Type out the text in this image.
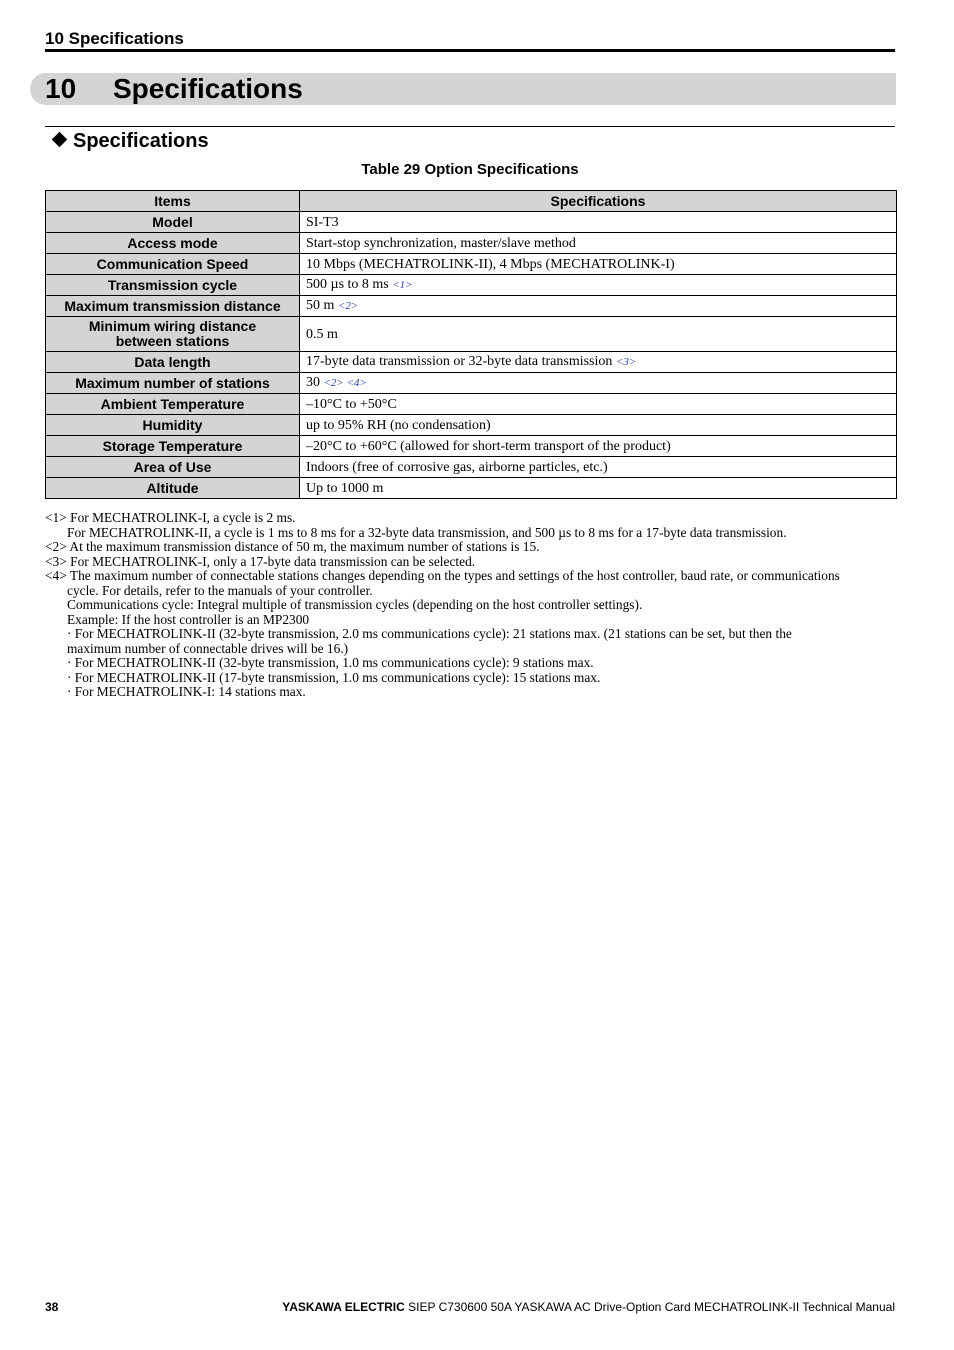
10 Specifications
10 Specifications
Specifications
Table 29 Option Specifications
Items	Specifications
Model	SI-T3
Access mode	Start-stop synchronization, master/slave method
Communication Speed	10 Mbps (MECHATROLINK-II), 4 Mbps (MECHATROLINK-I)
Transmission cycle	500 µs to 8 ms <1>
Maximum transmission distance	50 m <2>
Minimum wiring distance
between stations	0.5 m
Data length	17-byte data transmission or 32-byte data transmission <3>
Maximum number of stations	30 <2> <4>
Ambient Temperature	–10°C to +50°C
Humidity	up to 95% RH (no condensation)
Storage Temperature	–20°C to +60°C (allowed for short-term transport of the product)
Area of Use	Indoors (free of corrosive gas, airborne particles, etc.)
Altitude	Up to 1000 m
<1> For MECHATROLINK-I, a cycle is 2 ms.
For MECHATROLINK-II, a cycle is 1 ms to 8 ms for a 32-byte data transmission, and 500 µs to 8 ms for a 17-byte data transmission.
<2> At the maximum transmission distance of 50 m, the maximum number of stations is 15.
<3> For MECHATROLINK-I, only a 17-byte data transmission can be selected.
<4> The maximum number of connectable stations changes depending on the types and settings of the host controller, baud rate, or communications
cycle. For details, refer to the manuals of your controller.
Communications cycle: Integral multiple of transmission cycles (depending on the host controller settings).
Example: If the host controller is an MP2300
· For MECHATROLINK-II (32-byte transmission, 2.0 ms communications cycle): 21 stations max. (21 stations can be set, but then the
maximum number of connectable drives will be 16.)
· For MECHATROLINK-II (32-byte transmission, 1.0 ms communications cycle): 9 stations max.
· For MECHATROLINK-II (17-byte transmission, 1.0 ms communications cycle): 15 stations max.
· For MECHATROLINK-I: 14 stations max.
38	YASKAWA ELECTRIC SIEP C730600 50A YASKAWA AC Drive-Option Card MECHATROLINK-II Technical Manual
